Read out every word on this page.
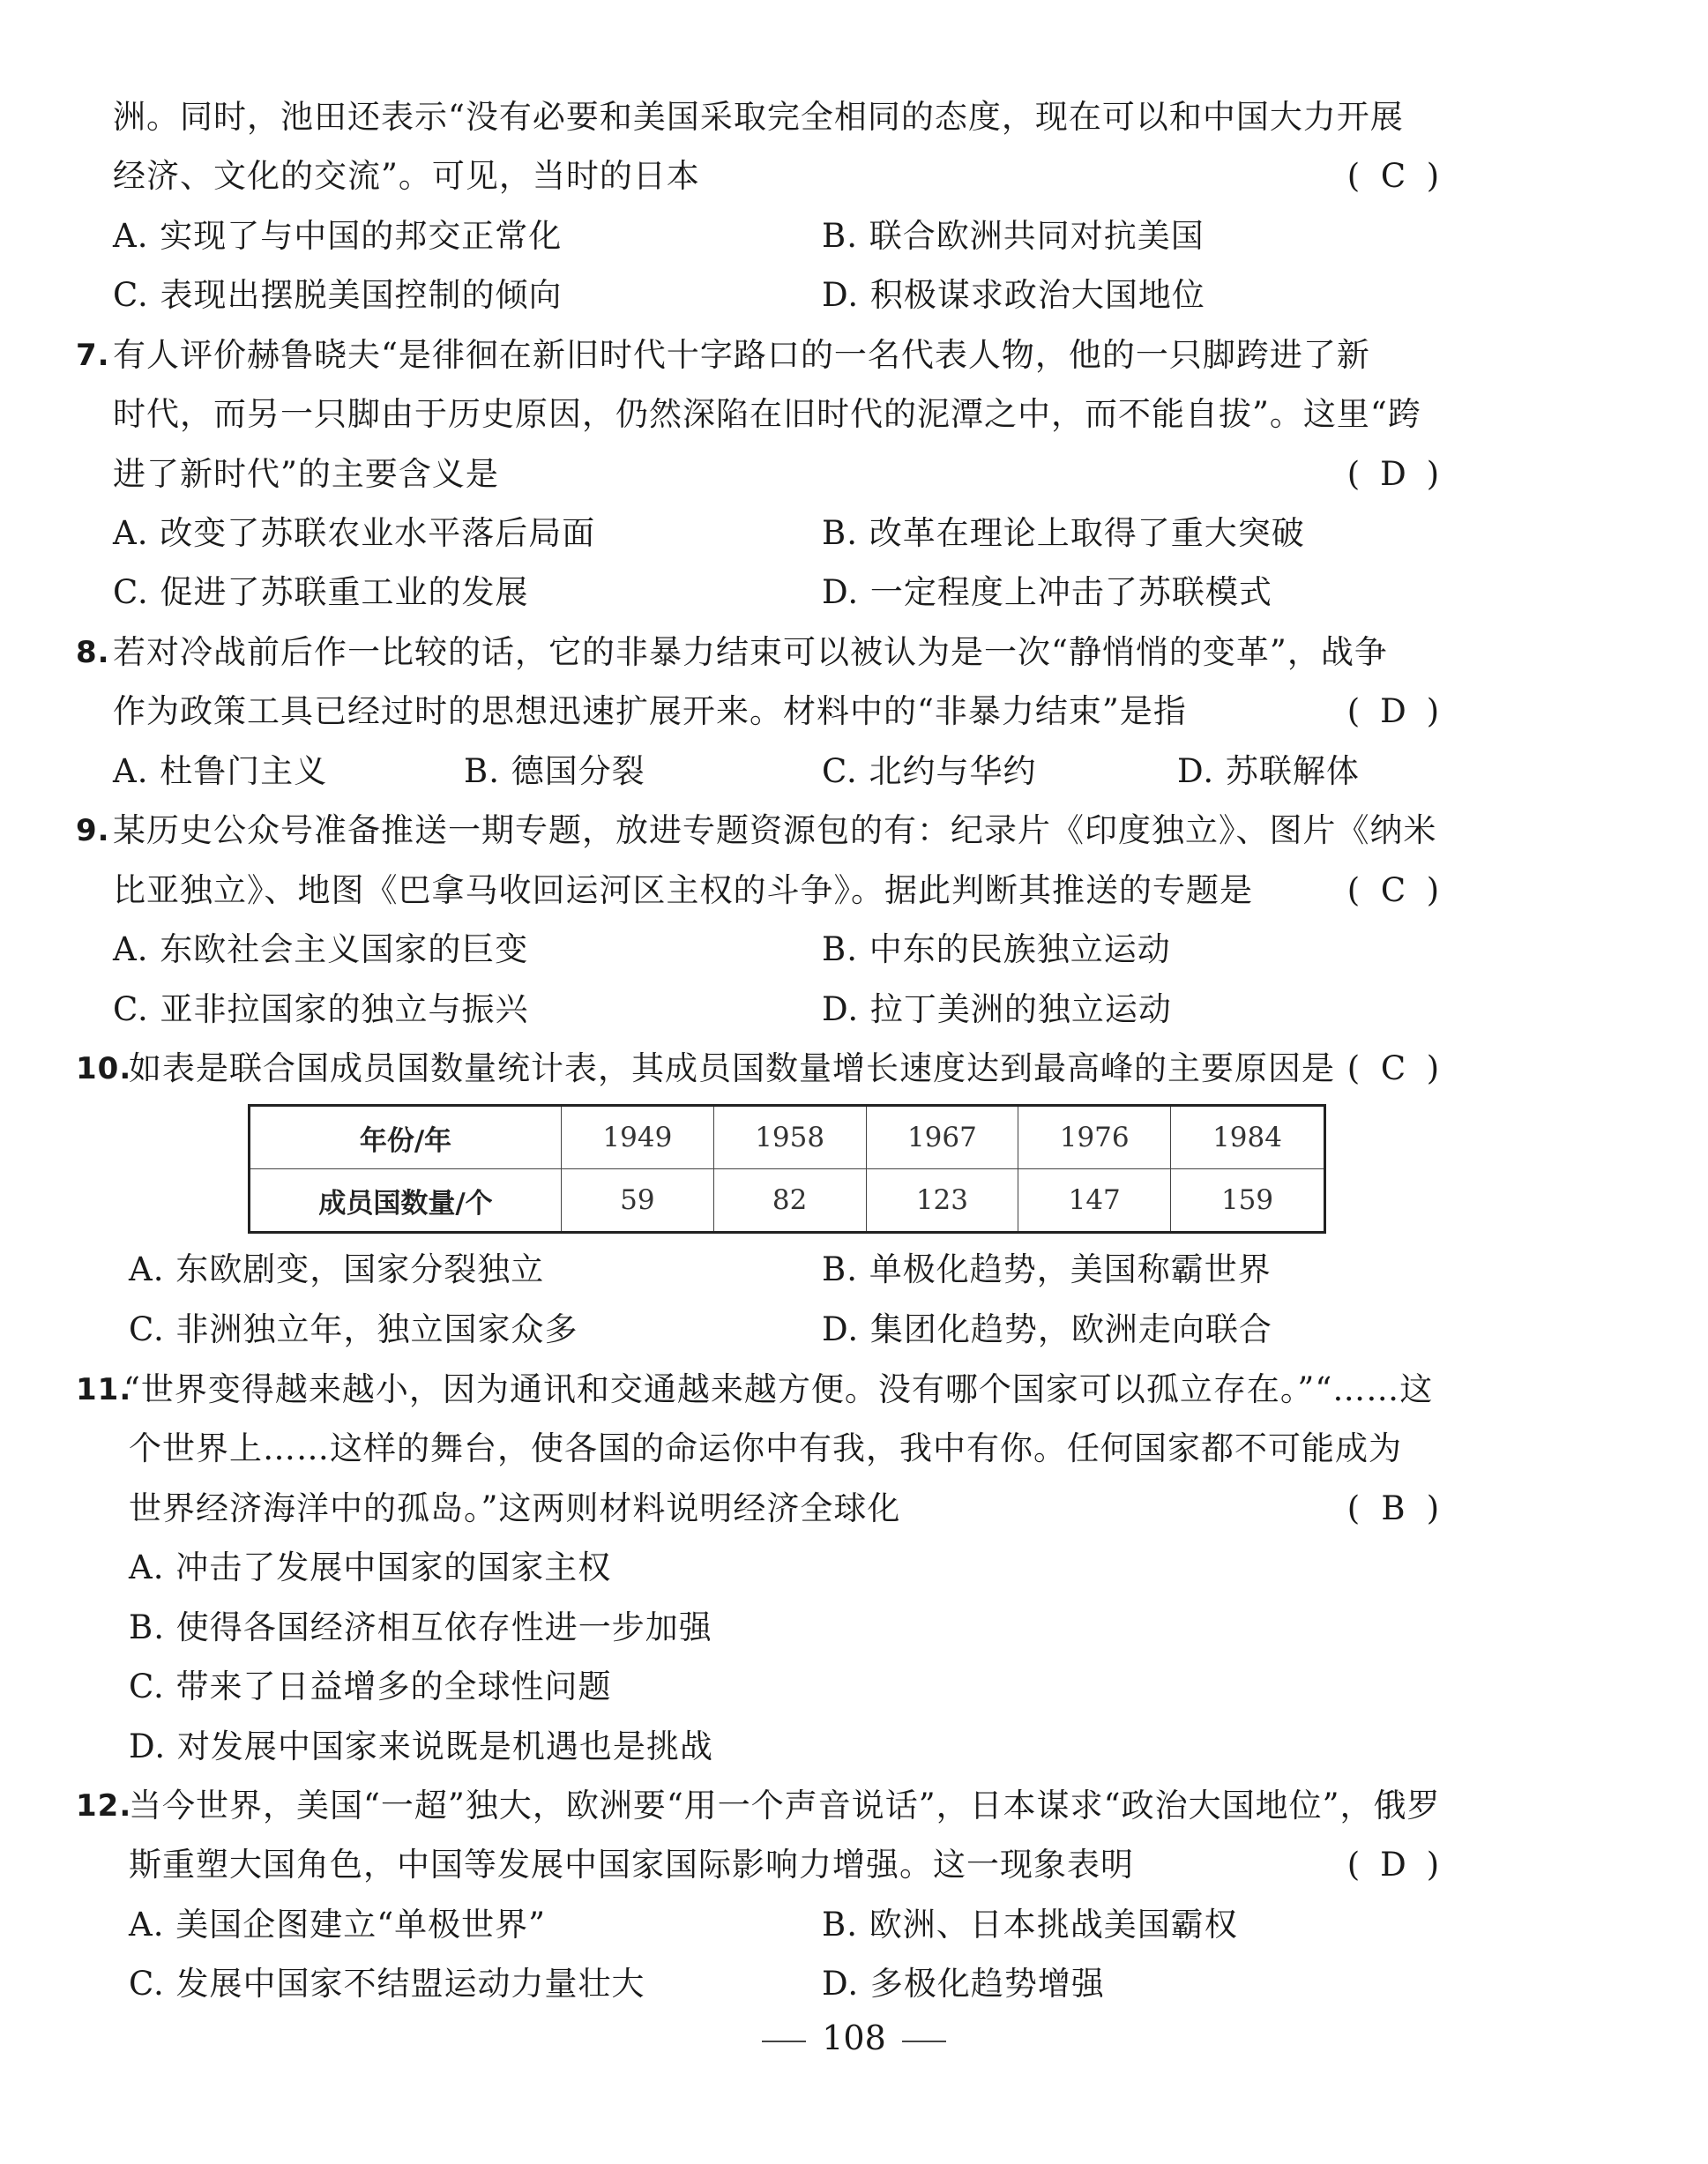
洲。同时，池田还表示“没有必要和美国采取完全相同的态度，现在可以和中国大力开展
经济、文化的交流”。可见，当时的日本	( C )
A. 实现了与中国的邦交正常化	B. 联合欧洲共同对抗美国
C. 表现出摆脱美国控制的倾向	D. 积极谋求政治大国地位
7. 有人评价赫鲁晓夫“是徘徊在新旧时代十字路口的一名代表人物，他的一只脚跨进了新
时代，而另一只脚由于历史原因，仍然深陷在旧时代的泥潭之中，而不能自拔”。这里“跨
进了新时代”的主要含义是	( D )
A. 改变了苏联农业水平落后局面	B. 改革在理论上取得了重大突破
C. 促进了苏联重工业的发展	D. 一定程度上冲击了苏联模式
8. 若对冷战前后作一比较的话，它的非暴力结束可以被认为是一次“静悄悄的变革”，战争
作为政策工具已经过时的思想迅速扩展开来。材料中的“非暴力结束”是指	( D )
A. 杜鲁门主义	B. 德国分裂	C. 北约与华约	D. 苏联解体
9. 某历史公众号准备推送一期专题，放进专题资源包的有：纪录片《印度独立》、图片《纳米
比亚独立》、地图《巴拿马收回运河区主权的斗争》。据此判断其推送的专题是	( C )
A. 东欧社会主义国家的巨变	B. 中东的民族独立运动
C. 亚非拉国家的独立与振兴	D. 拉丁美洲的独立运动
10.
如表是联合国成员国数量统计表，其成员国数量增长速度达到最高峰的主要原因是 ( C )
年份/年	1949	1958	1967	1976	1984
成员国数量/个	59	82	123	147	159
A. 东欧剧变，国家分裂独立	B. 单极化趋势，美国称霸世界
C. 非洲独立年，独立国家众多	D. 集团化趋势，欧洲走向联合
11.
“世界变得越来越小，因为通讯和交通越来越方便。没有哪个国家可以孤立存在。”“……这
个世界上……这样的舞台，使各国的命运你中有我，我中有你。任何国家都不可能成为
世界经济海洋中的孤岛。”这两则材料说明经济全球化	( B )
A. 冲击了发展中国家的国家主权
B. 使得各国经济相互依存性进一步加强
C. 带来了日益增多的全球性问题
D. 对发展中国家来说既是机遇也是挑战
12.
当今世界，美国“一超”独大，欧洲要“用一个声音说话”，日本谋求“政治大国地位”，俄罗
斯重塑大国角色，中国等发展中国家国际影响力增强。这一现象表明	( D )
A. 美国企图建立“单极世界”	B. 欧洲、日本挑战美国霸权
C. 发展中国家不结盟运动力量壮大	D. 多极化趋势增强
108
